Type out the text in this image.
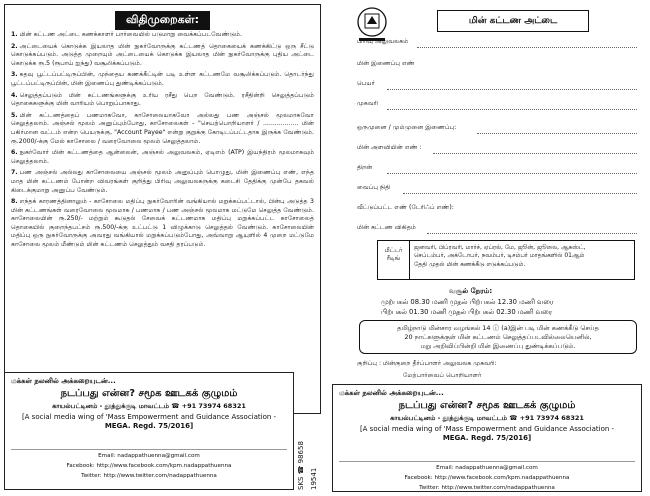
விதிமுறைகள்:
1. மின் கட்டண அட்டை கணக்காளர் பார்வையில் படுமாறு வைக்கப்படவேண்டும்.
2. அட்டையைக் கொடுக்க இயலாத மின் நுகர்வோருக்கு கட்டணத் தொகையைக் கணக்கிட்டு ஒரு சீட்டு கொடுக்கப்படும். அடுத்த முறையும் அட்டையைக் கொடுக்க இயலாத மின் நுகர்வோருக்கு புதிய அட்டை கொடுக்க ரூ.5 (ரூபாய் ஐந்து) வசூலிக்கப்படும்.
3. கதவு பூட்டப்பட்டிருப்பின், முந்தைய கணக்கீட்டின் படி உள்ள கட்டணமே வசூலிக்கப்படும். தொடர்ந்து பூட்டப்பட்டிருப்பின், மின் இணைப்பு துண்டிக்கப்படும்.
4. செலுத்தப்படும் மின் கட்டணங்களுக்கு உரிய ரசீது பெற வேண்டும். ரசீதின்றி செலுத்தப்படும் தொகைகளுக்கு மின் வாரியம் பொறுப்பாகாது.
5. மின் கட்டணத்தைப் பணமாகவோ, காசோலையாகவோ அல்லது பண அஞ்சல் மூலமாகவோ செலுத்தலாம். அஞ்சல் மூலம் அனுப்பும்போது, காசோலைகள் - "செயற்பொறியாளர் / .................. மின் பகிர்மான வட்டம் என்ற பெயருக்கு, "Account Payee" என்று குறுக்கு கோடிடப்பட்டதாக இருக்க வேண்டும். ரூ.2000/-க்கு மேல் காசோலை / வரைவோலை மூலம் செலுத்தலாம்.
6. நுகர்வோர் மின் கட்டணத்தை ஆன்லைன், அஞ்சல் அலுவலகம், ஏடிஎம் (ATP) இயந்திரம் மூலமாகவும் செலுத்தலாம்.
7. பண அஞ்சல் அல்லது காசோலையை அஞ்சல் மூலம் அனுப்பும் பொழுது, மின் இணைப்பு எண், எந்த மாத மின் கட்டணம் போன்ற விவரங்கள் குறித்து பிரிவு அலுவலகருக்கு கடைசி தேதிக்கு முன்பே தகவல் கிடைக்குமாறு அனுப்ப வேண்டும்.
8. எந்தக் காரணத்தினாலும் - காசோலை மதிப்பு நுகர்வோரின் வங்கியால் மறுக்கப்பட்டால், பின்பு அடுத்த 3 மின் கட்டணங்கள் வரைவோலை மூலமாக / பணமாக / பண அஞ்சல் மூலமாக மட்டுமே செலுத்த வேண்டும். காசோலையின் ரூ.250/- மற்றும் கூடுதல் சேவைக் கட்டணமாக மதிப்பு மறுக்கப்பட்ட காசோலைத் தொகையில் குறைந்தபட்சம் ரூ.500/-க்கு உட்பட்டு 1 விழுக்காடு செலுத்தல் வேண்டும். காசோலையின் மதிப்பு ஒரு நுகர்வோருக்கு அவரது வங்கியால் மறுக்கப்படும்போது, அவ்வாறு ஆயுளில் 4 முறை மட்டுமே காசோலை மூலம் மீண்டும் மின் கட்டணம் செலுத்தும் வசதி தரப்படும்.
மக்கள் நலனில் அக்கறையுடன்...
நடப்பது என்ன? சமூக ஊடகக் குழுமம்
காயல்பட்டினம் - தூத்துக்குடி மாவட்டம் ☎ +91 73974 68321
[A social media wing of 'Mass Empowerment and Guidance Association -
MEGA. Regd. 75/2016]
Email: nadappathuenna@gmail.com
Facebook: http://www.facebook.com/kpm.nadappathuenna
Twitter: http://www.twitter.com/nadappathuenna	SKS ☎ 98658 19541
மின் கட்டண அட்டை
பிரிவு அலுவலகம்
மின் இணைப்பு எண்
பெயர்
முகவரி
ஒருமுனை / மும்முனை இணைப்பு:
மின் அளவியின் எண் :
திறன்
வைப்பு நிதி
வீட்டுப்பட்ட எண் (டேரிஃப் எண்):
மின் கட்டண விகிதம்
மீட்டர் ரீடிங்
ஜனவரி, பிப்ரவரி, மார்ச், ஏப்ரல், மே, ஜூன், ஜூலை, ஆகஸ்ட்,
செப்டம்பர், அக்டோபர், நவம்பர், டிசம்பர் மாதங்களில் 01ஆம்
தேதி முதல் மின் கணக்கீடு எடுக்கப்படும்.
வசூல் நேரம்:
முற்பகல் 08.30 மணி முதல் பிற்பகல் 12.30 மணி வரை
பிற்பகல் 01.30 மணி முதல் பிற்பகல் 02.30 மணி வரை
தமிழ்நாடு மின்சார வழங்கல் 14 ⓘ (a)இன் படி மின் கணக்கீடு செய்த
20 நாட்களுக்குள் மின் கட்டணம் செலுத்தப்படவில்லையெனில்,
மறு அறிவிப்பின்றி மின் இணைப்பு துண்டிக்கப்படும்.
குறிப்பு : மின்குறை தீர்ப்பாளர் அலுவலக முகவரி:
மேற்பார்வைப் பொறியாளர்
மக்கள் நலனில் அக்கறையுடன்...
நடப்பது என்ன? சமூக ஊடகக் குழுமம்
காயல்பட்டினம் - தூத்துக்குடி மாவட்டம் ☎ +91 73974 68321
[A social media wing of 'Mass Empowerment and Guidance Association -
MEGA. Regd. 75/2016]
Email: nadappathuenna@gmail.com
Facebook: http://www.facebook.com/kpm.nadappathuenna
Twitter: http://www.twitter.com/nadappathuenna
